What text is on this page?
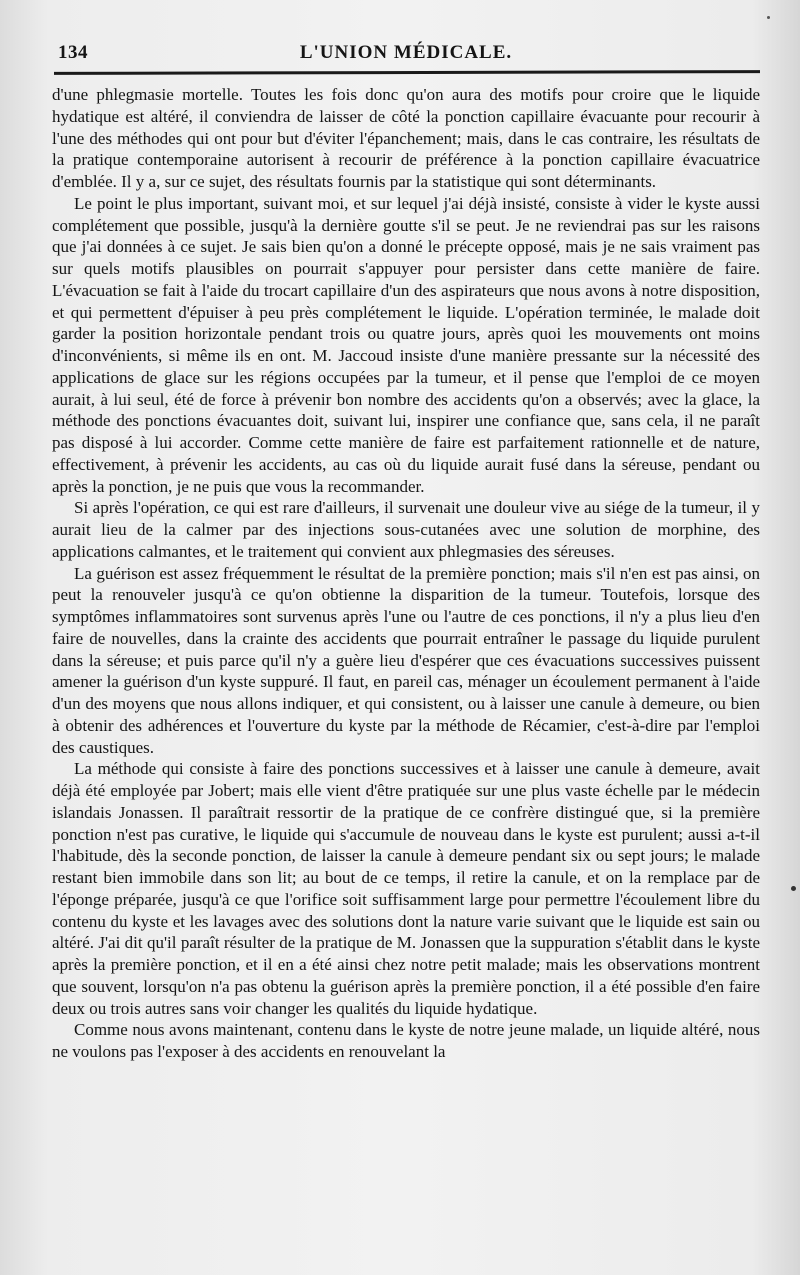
134	L'UNION MÉDICALE.

d'une phlegmasie mortelle. Toutes les fois donc qu'on aura des motifs pour croire que le liquide hydatique est altéré, il conviendra de laisser de côté la ponction capillaire évacuante pour recourir à l'une des méthodes qui ont pour but d'éviter l'épanchement; mais, dans le cas contraire, les résultats de la pratique contemporaine autorisent à recourir de préférence à la ponction capillaire évacuatrice d'emblée. Il y a, sur ce sujet, des résultats fournis par la statistique qui sont déterminants.

Le point le plus important, suivant moi, et sur lequel j'ai déjà insisté, consiste à vider le kyste aussi complétement que possible, jusqu'à la dernière goutte s'il se peut. Je ne reviendrai pas sur les raisons que j'ai données à ce sujet. Je sais bien qu'on a donné le précepte opposé, mais je ne sais vraiment pas sur quels motifs plausibles on pourrait s'appuyer pour persister dans cette manière de faire. L'évacuation se fait à l'aide du trocart capillaire d'un des aspirateurs que nous avons à notre disposition, et qui permettent d'épuiser à peu près complétement le liquide. L'opération terminée, le malade doit garder la position horizontale pendant trois ou quatre jours, après quoi les mouvements ont moins d'inconvénients, si même ils en ont. M. Jaccoud insiste d'une manière pressante sur la nécessité des applications de glace sur les régions occupées par la tumeur, et il pense que l'emploi de ce moyen aurait, à lui seul, été de force à prévenir bon nombre des accidents qu'on a observés; avec la glace, la méthode des ponctions évacuantes doit, suivant lui, inspirer une confiance que, sans cela, il ne paraît pas disposé à lui accorder. Comme cette manière de faire est parfaitement rationnelle et de nature, effectivement, à prévenir les accidents, au cas où du liquide aurait fusé dans la séreuse, pendant ou après la ponction, je ne puis que vous la recommander.

Si après l'opération, ce qui est rare d'ailleurs, il survenait une douleur vive au siége de la tumeur, il y aurait lieu de la calmer par des injections sous-cutanées avec une solution de morphine, des applications calmantes, et le traitement qui convient aux phlegmasies des séreuses.

La guérison est assez fréquemment le résultat de la première ponction; mais s'il n'en est pas ainsi, on peut la renouveler jusqu'à ce qu'on obtienne la disparition de la tumeur. Toutefois, lorsque des symptômes inflammatoires sont survenus après l'une ou l'autre de ces ponctions, il n'y a plus lieu d'en faire de nouvelles, dans la crainte des accidents que pourrait entraîner le passage du liquide purulent dans la séreuse; et puis parce qu'il n'y a guère lieu d'espérer que ces évacuations successives puissent amener la guérison d'un kyste suppuré. Il faut, en pareil cas, ménager un écoulement permanent à l'aide d'un des moyens que nous allons indiquer, et qui consistent, ou à laisser une canule à demeure, ou bien à obtenir des adhérences et l'ouverture du kyste par la méthode de Récamier, c'est-à-dire par l'emploi des caustiques.

La méthode qui consiste à faire des ponctions successives et à laisser une canule à demeure, avait déjà été employée par Jobert; mais elle vient d'être pratiquée sur une plus vaste échelle par le médecin islandais Jonassen. Il paraîtrait ressortir de la pratique de ce confrère distingué que, si la première ponction n'est pas curative, le liquide qui s'accumule de nouveau dans le kyste est purulent; aussi a-t-il l'habitude, dès la seconde ponction, de laisser la canule à demeure pendant six ou sept jours; le malade restant bien immobile dans son lit; au bout de ce temps, il retire la canule, et on la remplace par de l'éponge préparée, jusqu'à ce que l'orifice soit suffisamment large pour permettre l'écoulement libre du contenu du kyste et les lavages avec des solutions dont la nature varie suivant que le liquide est sain ou altéré. J'ai dit qu'il paraît résulter de la pratique de M. Jonassen que la suppuration s'établit dans le kyste après la première ponction, et il en a été ainsi chez notre petit malade; mais les observations montrent que souvent, lorsqu'on n'a pas obtenu la guérison après la première ponction, il a été possible d'en faire deux ou trois autres sans voir changer les qualités du liquide hydatique.

Comme nous avons maintenant, contenu dans le kyste de notre jeune malade, un liquide altéré, nous ne voulons pas l'exposer à des accidents en renouvelant la
